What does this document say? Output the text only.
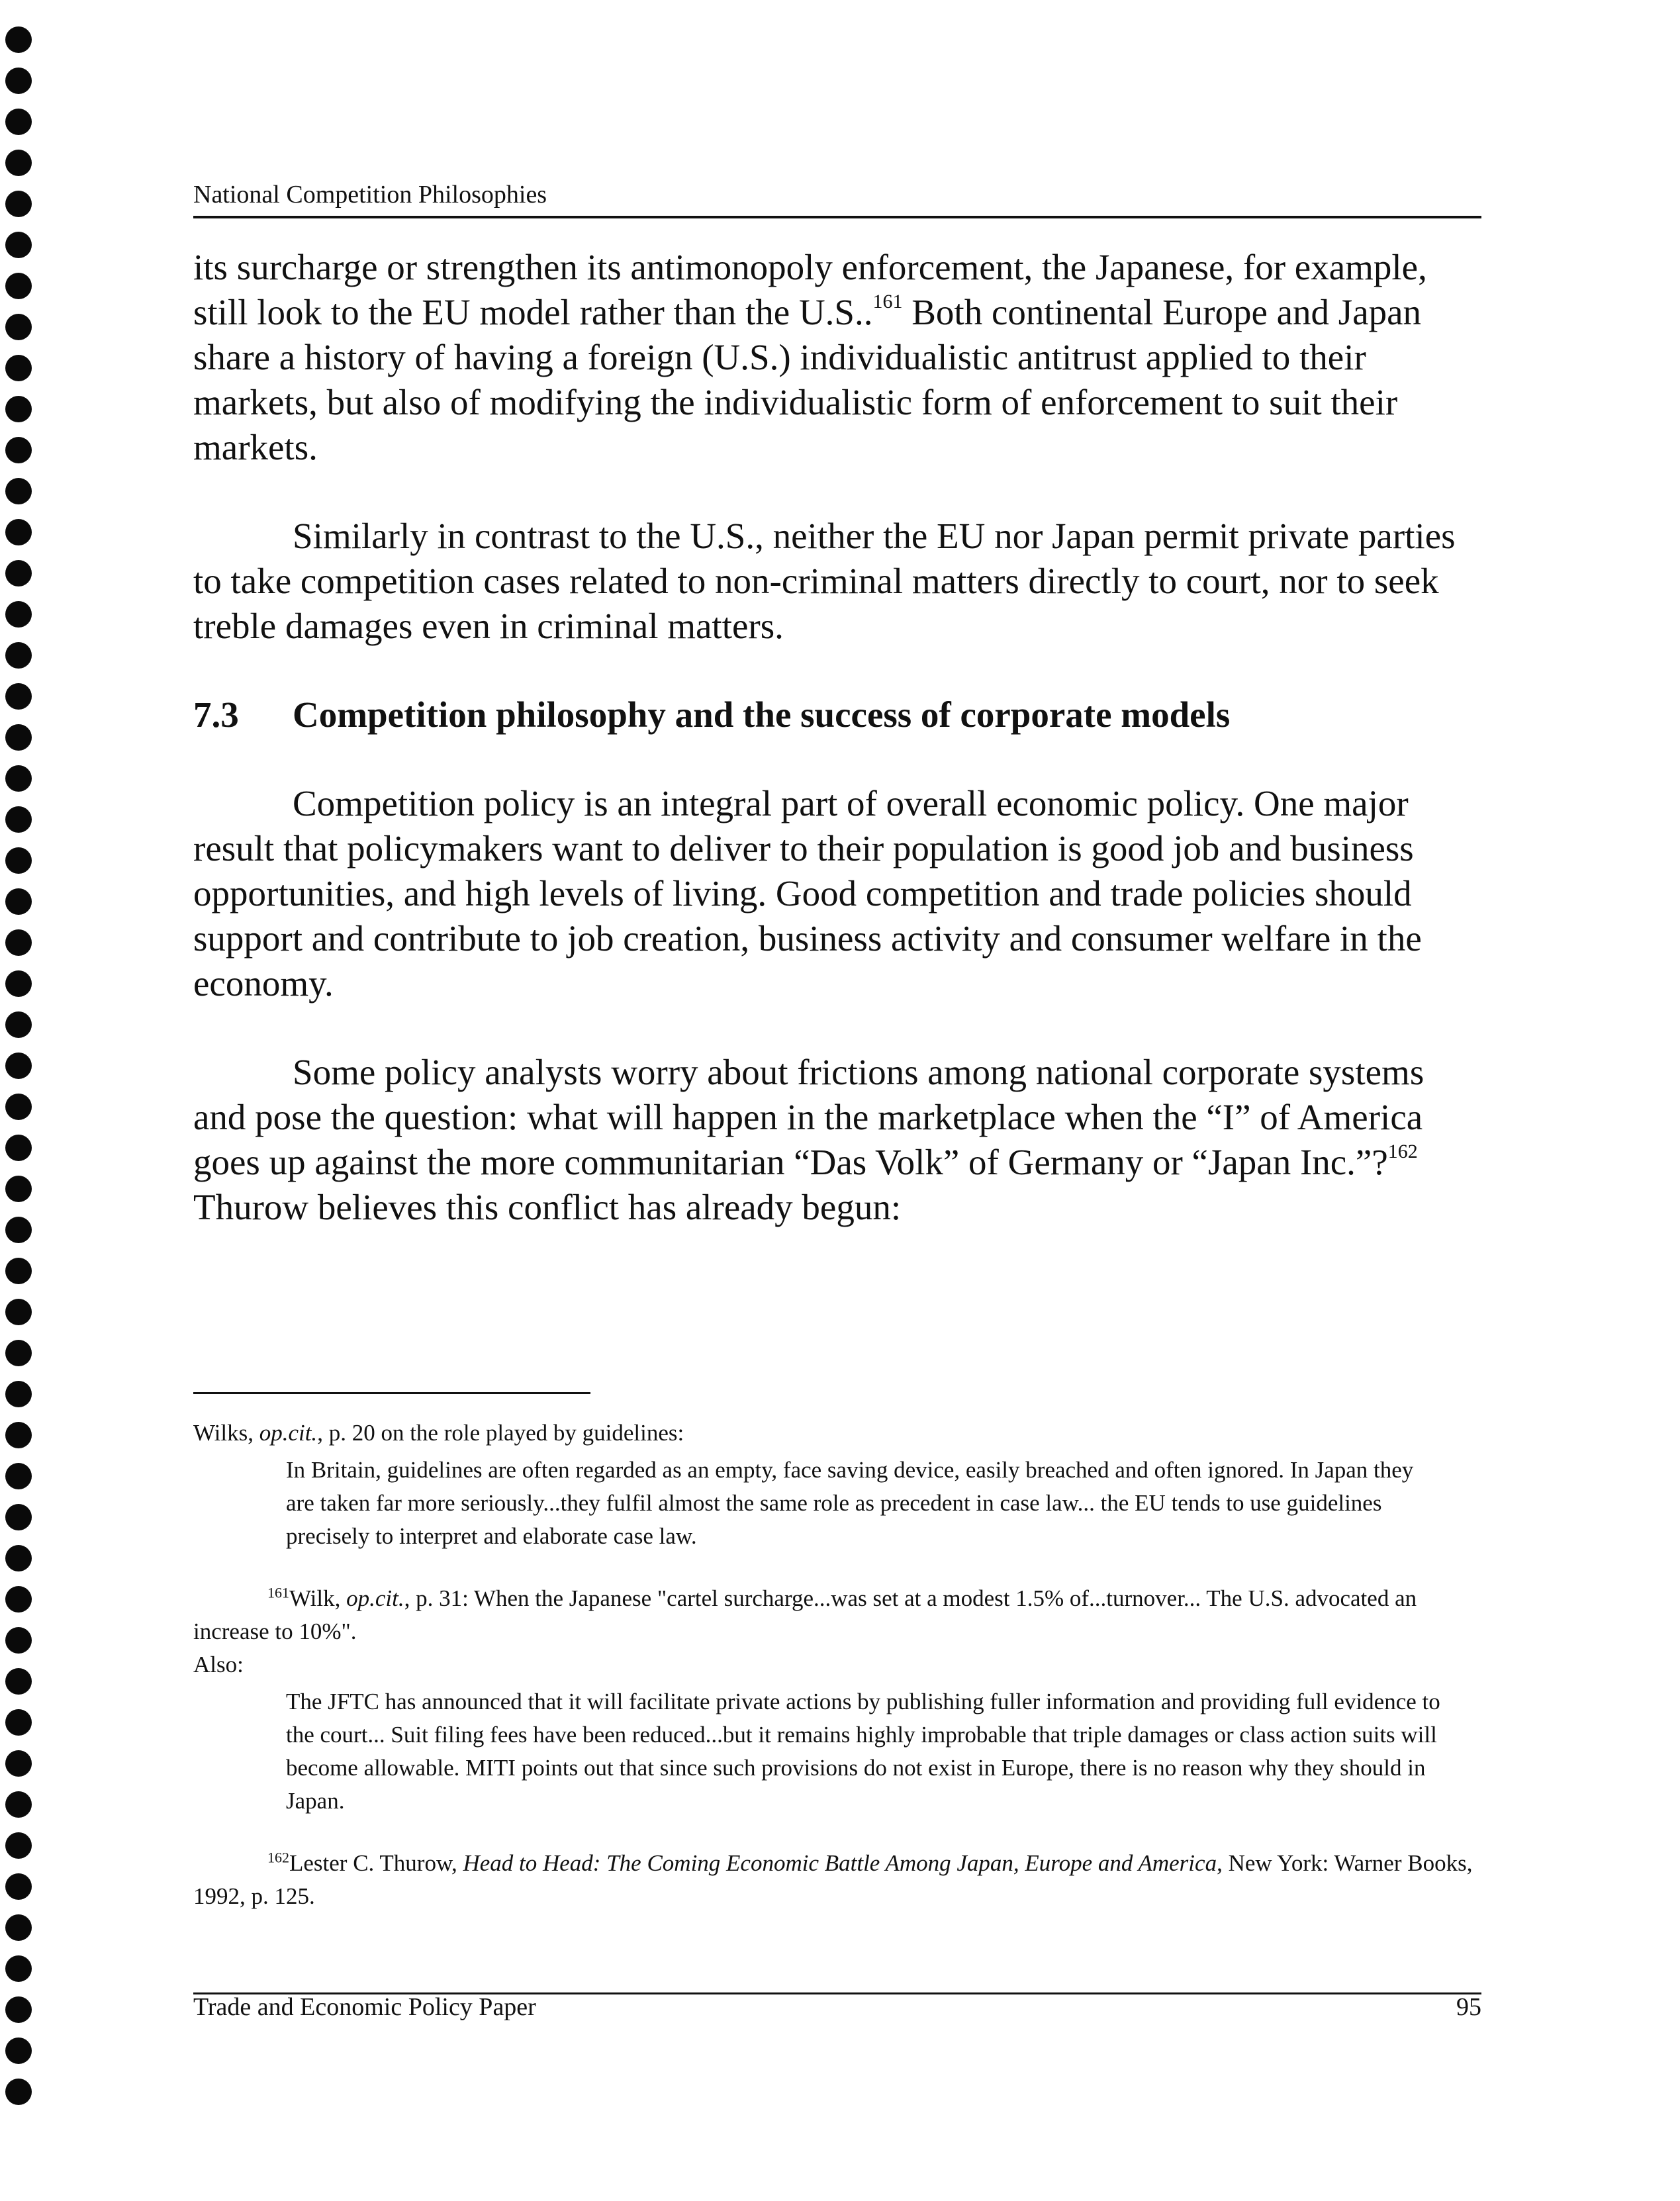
National Competition Philosophies

its surcharge or strengthen its antimonopoly enforcement, the Japanese, for example, still look to the EU model rather than the U.S..$^{161}$ Both continental Europe and Japan share a history of having a foreign (U.S.) individualistic antitrust applied to their markets, but also of modifying the individualistic form of enforcement to suit their markets.

Similarly in contrast to the U.S., neither the EU nor Japan permit private parties to take competition cases related to non-criminal matters directly to court, nor to seek treble damages even in criminal matters.

7.3 Competition philosophy and the success of corporate models

Competition policy is an integral part of overall economic policy. One major result that policymakers want to deliver to their population is good job and business opportunities, and high levels of living. Good competition and trade policies should support and contribute to job creation, business activity and consumer welfare in the economy.

Some policy analysts worry about frictions among national corporate systems and pose the question: what will happen in the marketplace when the “I” of America goes up against the more communitarian “Das Volk” of Germany or “Japan Inc.”?$^{162}$ Thurow believes this conflict has already begun:

Wilks, op.cit., p. 20 on the role played by guidelines:

In Britain, guidelines are often regarded as an empty, face saving device, easily breached and often ignored. In Japan they are taken far more seriously...they fulfil almost the same role as precedent in case law... the EU tends to use guidelines precisely to interpret and elaborate case law.

$^{161}$Wilk, op.cit., p. 31: When the Japanese "cartel surcharge...was set at a modest 1.5% of...turnover... The U.S. advocated an increase to 10%".

Also:

The JFTC has announced that it will facilitate private actions by publishing fuller information and providing full evidence to the court... Suit filing fees have been reduced...but it remains highly improbable that triple damages or class action suits will become allowable. MITI points out that since such provisions do not exist in Europe, there is no reason why they should in Japan.

$^{162}$Lester C. Thurow, Head to Head: The Coming Economic Battle Among Japan, Europe and America, New York: Warner Books, 1992, p. 125.

Trade and Economic Policy Paper	95
